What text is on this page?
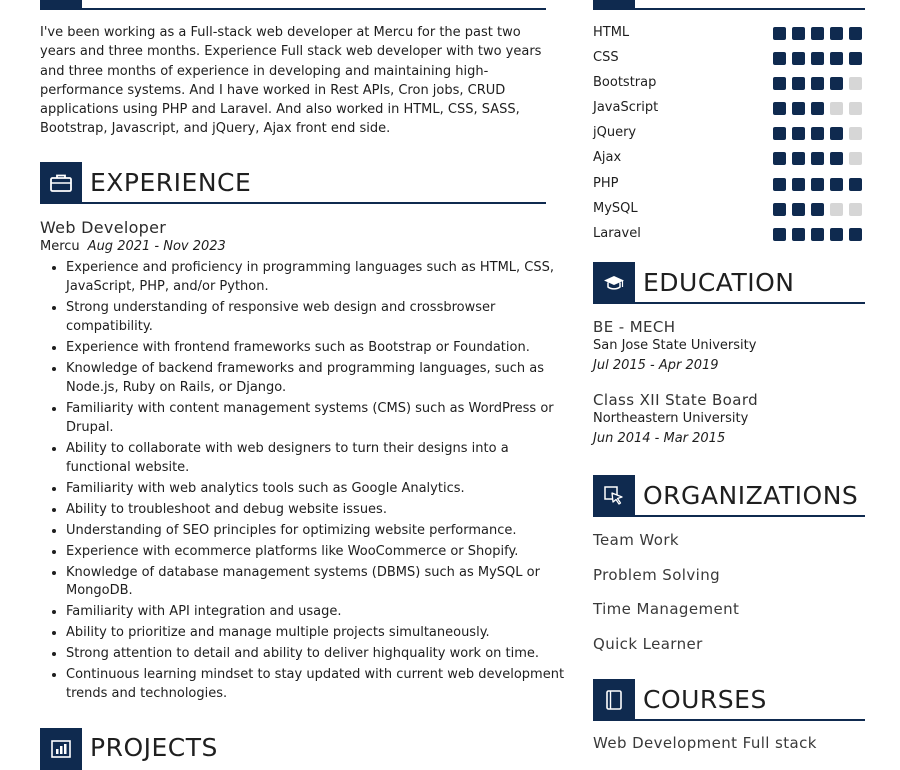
I've been working as a Full-stack web developer at Mercu for the past two years and three months. Experience Full stack web developer with two years and three months of experience in developing and maintaining high-performance systems. And I have worked in Rest APIs, Cron jobs, CRUD applications using PHP and Laravel. And also worked in HTML, CSS, SASS, Bootstrap, Javascript, and jQuery, Ajax front end side.
EXPERIENCE
Web Developer
Mercu Aug 2021 - Nov 2023
• Experience and proficiency in programming languages such as HTML, CSS, JavaScript, PHP, and/or Python.
• Strong understanding of responsive web design and crossbrowser compatibility.
• Experience with frontend frameworks such as Bootstrap or Foundation.
• Knowledge of backend frameworks and programming languages, such as Node.js, Ruby on Rails, or Django.
• Familiarity with content management systems (CMS) such as WordPress or Drupal.
• Ability to collaborate with web designers to turn their designs into a functional website.
• Familiarity with web analytics tools such as Google Analytics.
• Ability to troubleshoot and debug website issues.
• Understanding of SEO principles for optimizing website performance.
• Experience with ecommerce platforms like WooCommerce or Shopify.
• Knowledge of database management systems (DBMS) such as MySQL or MongoDB.
• Familiarity with API integration and usage.
• Ability to prioritize and manage multiple projects simultaneously.
• Strong attention to detail and ability to deliver highquality work on time.
• Continuous learning mindset to stay updated with current web development trends and technologies.
PROJECTS
HTML
CSS
Bootstrap
JavaScript
jQuery
Ajax
PHP
MySQL
Laravel
EDUCATION
BE - MECH
San Jose State University
Jul 2015 - Apr 2019
Class XII State Board
Northeastern University
Jun 2014 - Mar 2015
ORGANIZATIONS
Team Work
Problem Solving
Time Management
Quick Learner
COURSES
Web Development Full stack
